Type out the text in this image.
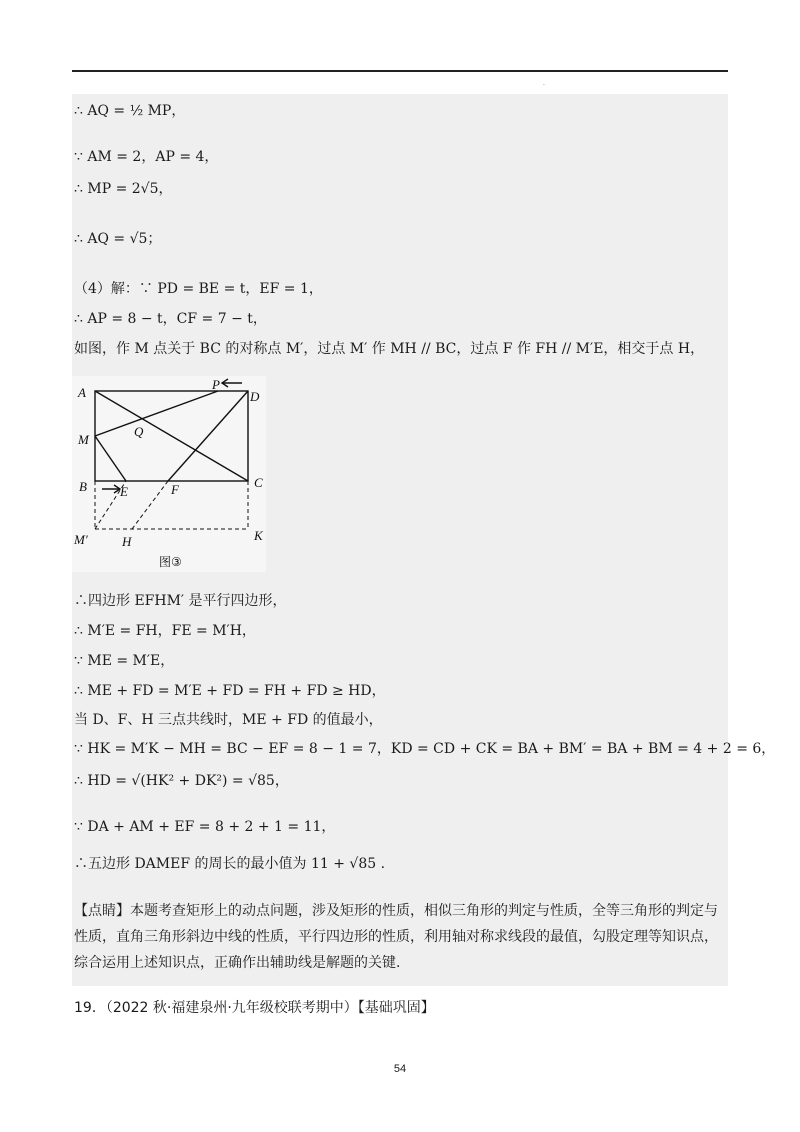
·
∴ AQ = ½ MP，
∵ AM = 2，AP = 4，
∴ MP = 2√5，
∴ AQ = √5；
（4）解：∵ PD = BE = t，EF = 1，
∴ AP = 8 − t，CF = 7 − t，
如图，作 M 点关于 BC 的对称点 M′，过点 M′ 作 MH // BC，过点 F 作 FH // M′E，相交于点 H，
A
P
D
M
Q
B	E	F	C
M′	H	K
图③
∴四边形 EFHM′ 是平行四边形，
∴ M′E = FH，FE = M′H，
∵ ME = M′E，
∴ ME + FD = M′E + FD = FH + FD ≥ HD，
当 D、F、H 三点共线时，ME + FD 的值最小，
∵ HK = M′K − MH = BC − EF = 8 − 1 = 7，KD = CD + CK = BA + BM′ = BA + BM = 4 + 2 = 6，
∴ HD = √(HK² + DK²) = √85，
∵ DA + AM + EF = 8 + 2 + 1 = 11，
∴五边形 DAMEF 的周长的最小值为 11 + √85 .
【点睛】本题考查矩形上的动点问题，涉及矩形的性质，相似三角形的判定与性质，全等三角形的判定与性质，直角三角形斜边中线的性质，平行四边形的性质，利用轴对称求线段的最值，勾股定理等知识点，综合运用上述知识点，正确作出辅助线是解题的关键.
19．（2022 秋·福建泉州·九年级校联考期中）【基础巩固】
54
